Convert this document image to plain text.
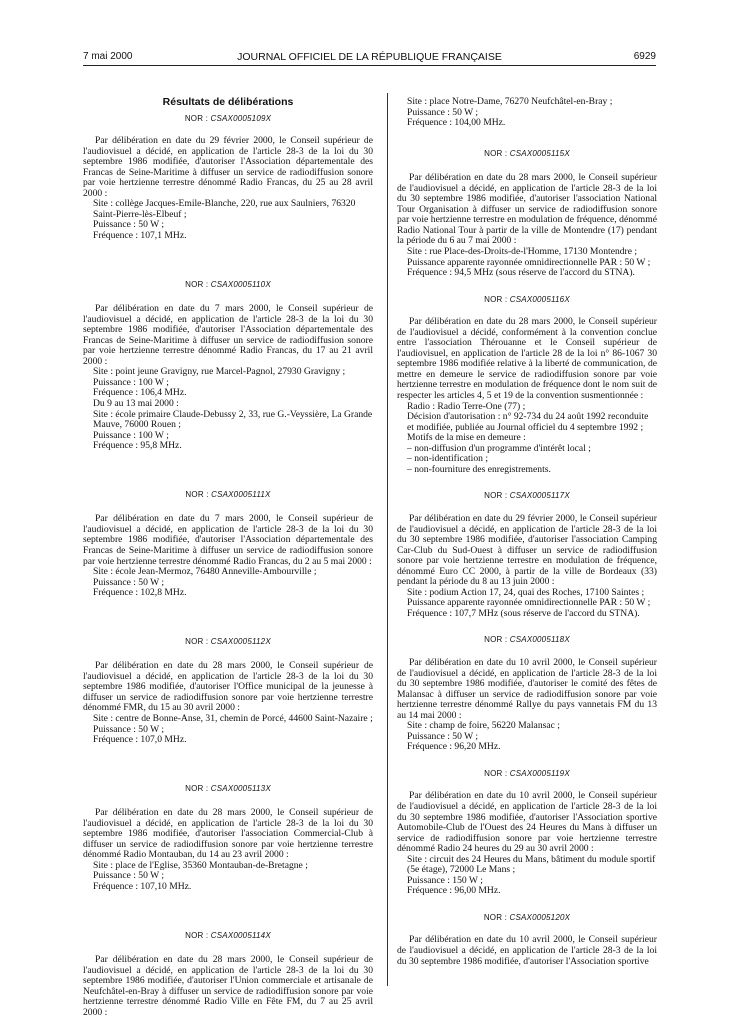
7 mai 2000	JOURNAL OFFICIEL DE LA RÉPUBLIQUE FRANÇAISE	6929
Résultats de délibérations
NOR : CSAX0005109X

Par délibération en date du 29 février 2000, le Conseil supérieur de l'audiovisuel a décidé, en application de l'article 28-3 de la loi du 30 septembre 1986 modifiée, d'autoriser l'Association départementale des Francas de Seine-Maritime à diffuser un service de radiodiffusion sonore par voie hertzienne terrestre dénommé Radio Francas, du 25 au 28 avril 2000 :

Site : collège Jacques-Emile-Blanche, 220, rue aux Saulniers, 76320 Saint-Pierre-lès-Elbeuf ;

Puissance : 50 W ;

Fréquence : 107,1 MHz.

NOR : CSAX0005110X

Par délibération en date du 7 mars 2000, le Conseil supérieur de l'audiovisuel a décidé, en application de l'article 28-3 de la loi du 30 septembre 1986 modifiée, d'autoriser l'Association départementale des Francas de Seine-Maritime à diffuser un service de radiodiffusion sonore par voie hertzienne terrestre dénommé Radio Francas, du 17 au 21 avril 2000 :

Site : point jeune Gravigny, rue Marcel-Pagnol, 27930 Gravigny ;

Puissance : 100 W ;

Fréquence : 106,4 MHz.

Du 9 au 13 mai 2000 :

Site : école primaire Claude-Debussy 2, 33, rue G.-Veyssière, La Grande Mauve, 76000 Rouen ;

Puissance : 100 W ;

Fréquence : 95,8 MHz.

NOR : CSAX0005111X

Par délibération en date du 7 mars 2000, le Conseil supérieur de l'audiovisuel a décidé, en application de l'article 28-3 de la loi du 30 septembre 1986 modifiée, d'autoriser l'Association départementale des Francas de Seine-Maritime à diffuser un service de radiodiffusion sonore par voie hertzienne terrestre dénommé Radio Francas, du 2 au 5 mai 2000 :

Site : école Jean-Mermoz, 76480 Anneville-Ambourville ;

Puissance : 50 W ;

Fréquence : 102,8 MHz.

NOR : CSAX0005112X

Par délibération en date du 28 mars 2000, le Conseil supérieur de l'audiovisuel a décidé, en application de l'article 28-3 de la loi du 30 septembre 1986 modifiée, d'autoriser l'Office municipal de la jeunesse à diffuser un service de radiodiffusion sonore par voie hertzienne terrestre dénommé FMR, du 15 au 30 avril 2000 :

Site : centre de Bonne-Anse, 31, chemin de Porcé, 44600 Saint-Nazaire ;

Puissance : 50 W ;

Fréquence : 107,0 MHz.

NOR : CSAX0005113X

Par délibération en date du 28 mars 2000, le Conseil supérieur de l'audiovisuel a décidé, en application de l'article 28-3 de la loi du 30 septembre 1986 modifiée, d'autoriser l'association Commercial-Club à diffuser un service de radiodiffusion sonore par voie hertzienne terrestre dénommé Radio Montauban, du 14 au 23 avril 2000 :

Site : place de l'Eglise, 35360 Montauban-de-Bretagne ;

Puissance : 50 W ;

Fréquence : 107,10 MHz.

NOR : CSAX0005114X

Par délibération en date du 28 mars 2000, le Conseil supérieur de l'audiovisuel a décidé, en application de l'article 28-3 de la loi du 30 septembre 1986 modifiée, d'autoriser l'Union commerciale et artisanale de Neufchâtel-en-Bray à diffuser un service de radiodiffusion sonore par voie hertzienne terrestre dénommé Radio Ville en Fête FM, du 7 au 25 avril 2000 :

Site : place Notre-Dame, 76270 Neufchâtel-en-Bray ;

Puissance : 50 W ;

Fréquence : 104,00 MHz.

NOR : CSAX0005115X

Par délibération en date du 28 mars 2000, le Conseil supérieur de l'audiovisuel a décidé, en application de l'article 28-3 de la loi du 30 septembre 1986 modifiée, d'autoriser l'association National Tour Organisation à diffuser un service de radiodiffusion sonore par voie hertzienne terrestre en modulation de fréquence, dénommé Radio National Tour à partir de la ville de Montendre (17) pendant la période du 6 au 7 mai 2000 :

Site : rue Place-des-Droits-de-l'Homme, 17130 Montendre ;

Puissance apparente rayonnée omnidirectionnelle PAR : 50 W ;

Fréquence : 94,5 MHz (sous réserve de l'accord du STNA).

NOR : CSAX0005116X

Par délibération en date du 28 mars 2000, le Conseil supérieur de l'audiovisuel a décidé, conformément à la convention conclue entre l'association Thérouanne et le Conseil supérieur de l'audiovisuel, en application de l'article 28 de la loi n° 86-1067 30 septembre 1986 modifiée relative à la liberté de communication, de mettre en demeure le service de radiodiffusion sonore par voie hertzienne terrestre en modulation de fréquence dont le nom suit de respecter les articles 4, 5 et 19 de la convention susmentionnée :

Radio : Radio Terre-One (77) ;

Décision d'autorisation : n° 92-734 du 24 août 1992 reconduite et modifiée, publiée au Journal officiel du 4 septembre 1992 ;

Motifs de la mise en demeure :

– non-diffusion d'un programme d'intérêt local ;

– non-identification ;

– non-fourniture des enregistrements.

NOR : CSAX0005117X

Par délibération en date du 29 février 2000, le Conseil supérieur de l'audiovisuel a décidé, en application de l'article 28-3 de la loi du 30 septembre 1986 modifiée, d'autoriser l'association Camping Car-Club du Sud-Ouest à diffuser un service de radiodiffusion sonore par voie hertzienne terrestre en modulation de fréquence, dénommé Euro CC 2000, à partir de la ville de Bordeaux (33) pendant la période du 8 au 13 juin 2000 :

Site : podium Action 17, 24, quai des Roches, 17100 Saintes ;

Puissance apparente rayonnée omnidirectionnelle PAR : 50 W ;

Fréquence : 107,7 MHz (sous réserve de l'accord du STNA).

NOR : CSAX0005118X

Par délibération en date du 10 avril 2000, le Conseil supérieur de l'audiovisuel a décidé, en application de l'article 28-3 de la loi du 30 septembre 1986 modifiée, d'autoriser le comité des fêtes de Malansac à diffuser un service de radiodiffusion sonore par voie hertzienne terrestre dénommé Rallye du pays vannetais FM du 13 au 14 mai 2000 :

Site : champ de foire, 56220 Malansac ;

Puissance : 50 W ;

Fréquence : 96,20 MHz.

NOR : CSAX0005119X

Par délibération en date du 10 avril 2000, le Conseil supérieur de l'audiovisuel a décidé, en application de l'article 28-3 de la loi du 30 septembre 1986 modifiée, d'autoriser l'Association sportive Automobile-Club de l'Ouest des 24 Heures du Mans à diffuser un service de radiodiffusion sonore par voie hertzienne terrestre dénommé Radio 24 heures du 29 au 30 avril 2000 :

Site : circuit des 24 Heures du Mans, bâtiment du module sportif (5e étage), 72000 Le Mans ;

Puissance : 150 W ;

Fréquence : 96,00 MHz.

NOR : CSAX0005120X

Par délibération en date du 10 avril 2000, le Conseil supérieur de l'audiovisuel a décidé, en application de l'article 28-3 de la loi du 30 septembre 1986 modifiée, d'autoriser l'Association sportive
